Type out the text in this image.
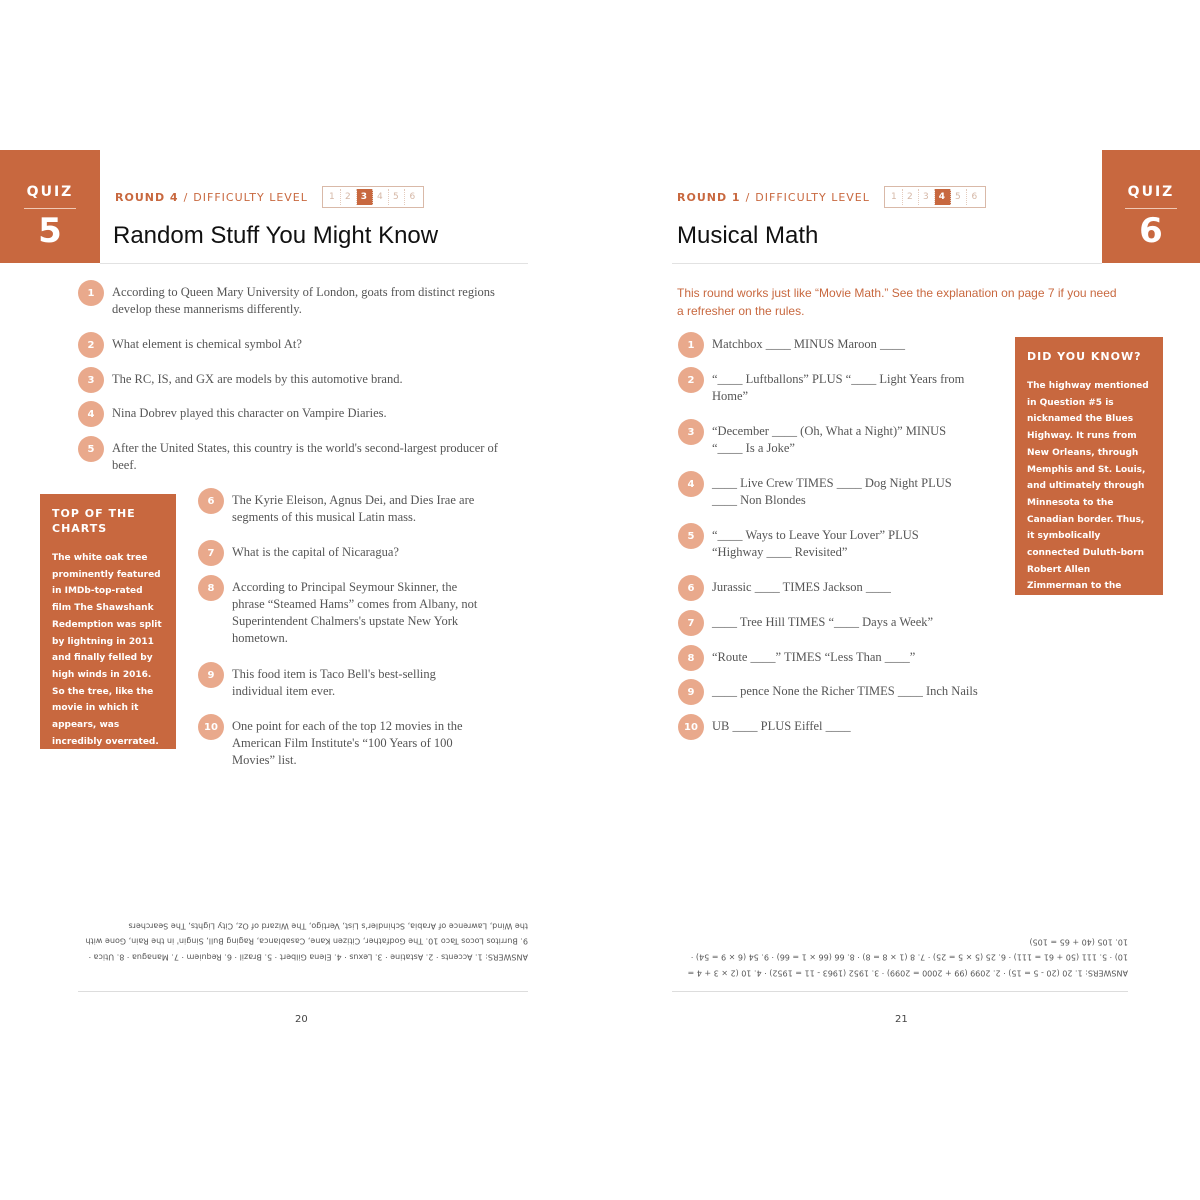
QUIZ
5
ROUND 4 / DIFFICULTY LEVEL	1	2	3	4	5	6
Random Stuff You Might Know
1	According to Queen Mary University of London, goats from distinct regions develop these mannerisms differently.
2	What element is chemical symbol At?
3	The RC, IS, and GX are models by this automotive brand.
4	Nina Dobrev played this character on Vampire Diaries.
5	After the United States, this country is the world's second-largest producer of beef.
TOP OF THE CHARTS
The white oak tree prominently featured in IMDb-top-rated film The Shawshank Redemption was split by lightning in 2011 and finally felled by high winds in 2016. So the tree, like the movie in which it appears, was incredibly overrated.
6	The Kyrie Eleison, Agnus Dei, and Dies Irae are segments of this musical Latin mass.
7	What is the capital of Nicaragua?
8	According to Principal Seymour Skinner, the phrase “Steamed Hams” comes from Albany, not Superintendent Chalmers's upstate New York hometown.
9	This food item is Taco Bell's best-selling individual item ever.
10	One point for each of the top 12 movies in the American Film Institute's “100 Years of 100 Movies” list.
ANSWERS: 1. Accents · 2. Astatine · 3. Lexus · 4. Elena Gilbert · 5. Brazil · 6. Requiem · 7. Managua · 8. Utica · 9. Burritos Locos Taco 10. The Godfather, Citizen Kane, Casablanca, Raging Bull, Singin' in the Rain, Gone with the Wind, Lawrence of Arabia, Schindler's List, Vertigo, The Wizard of Oz, City Lights, The Searchers
20
QUIZ
6
ROUND 1 / DIFFICULTY LEVEL	1	2	3	4	5	6
Musical Math
This round works just like “Movie Math.” See the explanation on page 7 if you need a refresher on the rules.
1	Matchbox ____ MINUS Maroon ____
2	“____ Luftballons” PLUS “____ Light Years from Home”
3	“December ____ (Oh, What a Night)” MINUS “____ Is a Joke”
4	____ Live Crew TIMES ____ Dog Night PLUS ____ Non Blondes
5	“____ Ways to Leave Your Lover” PLUS “Highway ____ Revisited”
6	Jurassic ____ TIMES Jackson ____
7	____ Tree Hill TIMES “____ Days a Week”
8	“Route ____” TIMES “Less Than ____”
9	____ pence None the Richer TIMES ____ Inch Nails
10	UB ____ PLUS Eiffel ____
DID YOU KNOW?
The highway mentioned in Question #5 is nicknamed the Blues Highway. It runs from New Orleans, through Memphis and St. Louis, and ultimately through Minnesota to the Canadian border. Thus, it symbolically connected Duluth-born Robert Allen Zimmerman to the music he created as Bob Dylan. Or something like that.
ANSWERS: 1. 20 (20 - 5 = 15) · 2. 2099 (99 + 2000 = 2099) · 3. 1952 (1963 - 11 = 1952) · 4. 10 (2 × 3 + 4 = 10) · 5. 111 (50 + 61 = 111) · 6. 25 (5 × 5 = 25) · 7. 8 (1 × 8 = 8) · 8. 66 (66 × 1 = 66) · 9. 54 (6 × 9 = 54) · 10. 105 (40 + 65 = 105)
21
